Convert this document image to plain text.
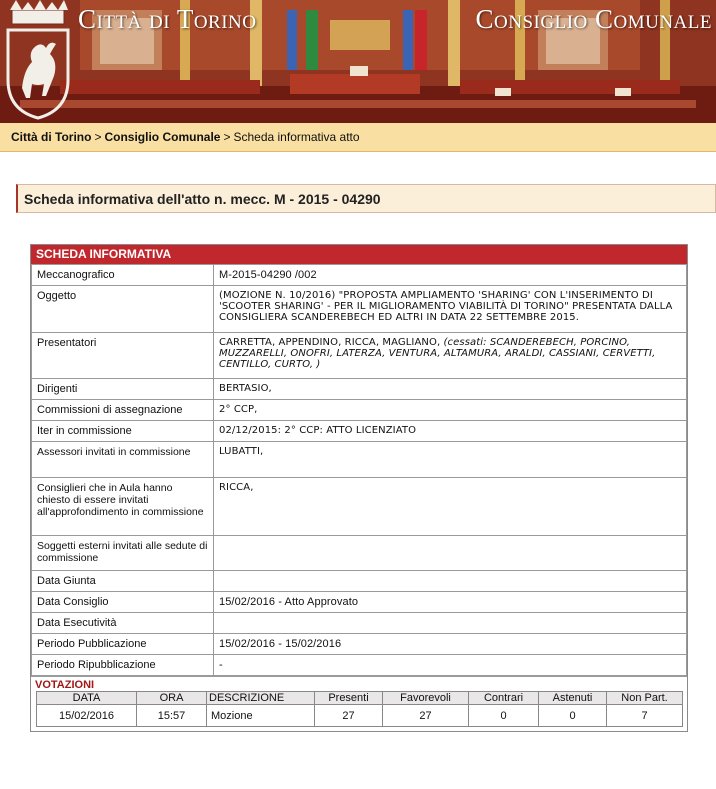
Città di Torino	Consiglio Comunale
Città di Torino > Consiglio Comunale > Scheda informativa atto
Scheda informativa dell'atto n. mecc. M - 2015 - 04290
SCHEDA INFORMATIVA
Meccanografico	M-2015-04290 /002
Oggetto	(MOZIONE N. 10/2016) "PROPOSTA AMPLIAMENTO 'SHARING' CON L'INSERIMENTO DI 'SCOOTER SHARING' - PER IL MIGLIORAMENTO VIABILITÀ DI TORINO" PRESENTATA DALLA CONSIGLIERA SCANDEREBECH ED ALTRI IN DATA 22 SETTEMBRE 2015.
Presentatori	CARRETTA, APPENDINO, RICCA, MAGLIANO, (cessati: SCANDEREBECH, PORCINO, MUZZARELLI, ONOFRI, LATERZA, VENTURA, ALTAMURA, ARALDI, CASSIANI, CERVETTI, CENTILLO, CURTO, )
Dirigenti	BERTASIO,
Commissioni di assegnazione	2° CCP,
Iter in commissione	02/12/2015: 2° CCP: ATTO LICENZIATO
Assessori invitati in commissione	LUBATTI,
Consiglieri che in Aula hanno chiesto di essere invitati all'approfondimento in commissione	RICCA,
Soggetti esterni invitati alle sedute di commissione	
Data Giunta	
Data Consiglio	15/02/2016 - Atto Approvato
Data Esecutività	
Periodo Pubblicazione	15/02/2016 - 15/02/2016
Periodo Ripubblicazione	-
VOTAZIONI
DATA	ORA	DESCRIZIONE	Presenti	Favorevoli	Contrari	Astenuti	Non Part.
15/02/2016	15:57	Mozione	27	27	0	0	7
